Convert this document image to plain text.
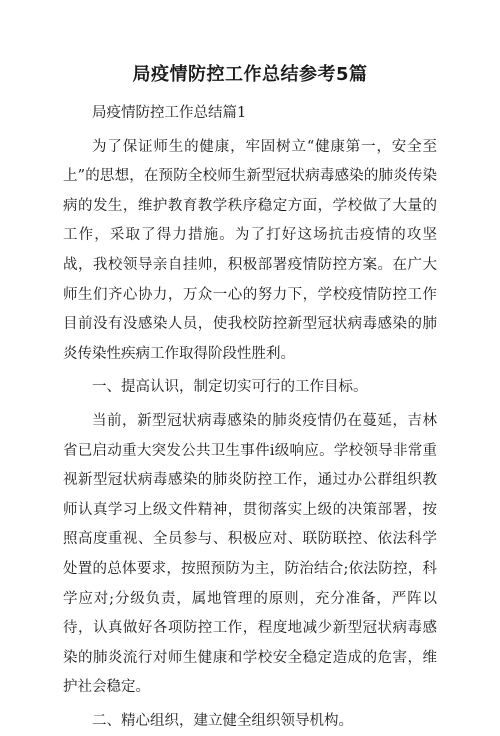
局疫情防控工作总结参考5篇

局疫情防控工作总结篇1

为了保证师生的健康，牢固树立“健康第一，安全至上”的思想，在预防全校师生新型冠状病毒感染的肺炎传染病的发生，维护教育教学秩序稳定方面，学校做了大量的工作，采取了得力措施。为了打好这场抗击疫情的攻坚战，我校领导亲自挂帅，积极部署疫情防控方案。在广大师生们齐心协力，万众一心的努力下，学校疫情防控工作目前没有没感染人员，使我校防控新型冠状病毒感染的肺炎传染性疾病工作取得阶段性胜利。

一、提高认识，制定切实可行的工作目标。

当前，新型冠状病毒感染的肺炎疫情仍在蔓延，吉林省已启动重大突发公共卫生事件ⅰ级响应。学校领导非常重视新型冠状病毒感染的肺炎防控工作，通过办公群组织教师认真学习上级文件精神，贯彻落实上级的决策部署，按照高度重视、全员参与、积极应对、联防联控、依法科学处置的总体要求，按照预防为主，防治结合;依法防控，科学应对;分级负责，属地管理的原则，充分准备，严阵以待，认真做好各项防控工作，程度地减少新型冠状病毒感染的肺炎流行对师生健康和学校安全稳定造成的危害，维护社会稳定。

二、精心组织，建立健全组织领导机构。
